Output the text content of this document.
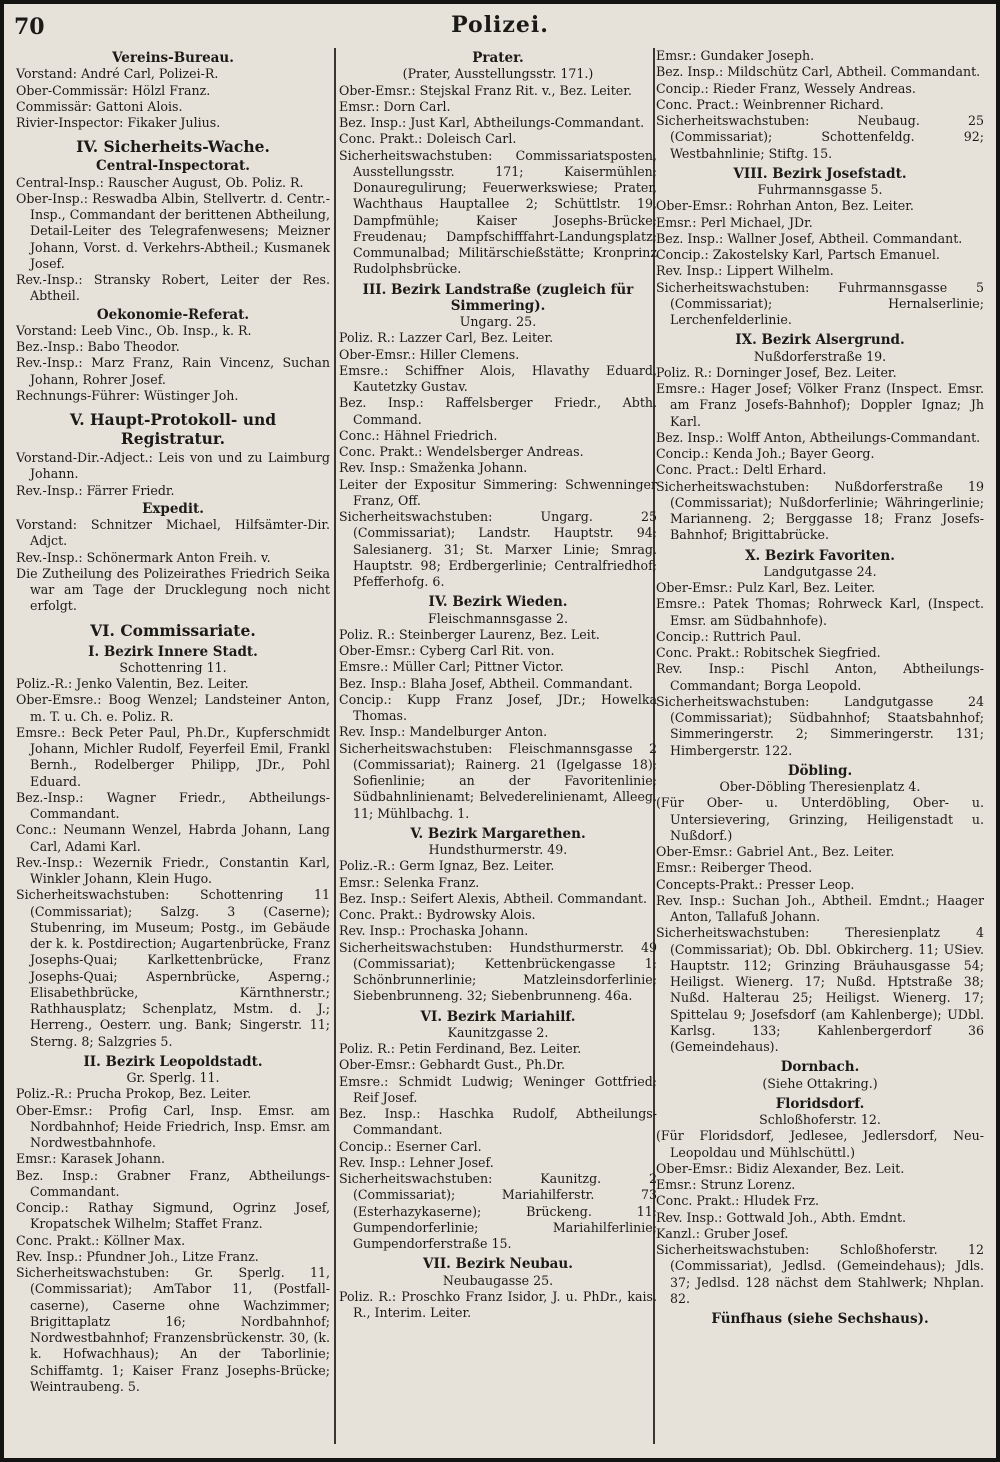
70	Polizei.
Vereins-Bureau.
Vorstand: André Carl, Polizei-R.
Ober-Commissär: Hölzl Franz.
Commissär: Gattoni Alois.
Rivier-Inspector: Fikaker Julius.
IV. Sicherheits-Wache.
Central-Inspectorat.
Central-Insp.: Rauscher August, Ob. Poliz. R.
Ober-Insp.: Reswadba Albin, Stellvertr. d. Centr.-Insp., Commandant der berittenen Abtheilung, Detail-Leiter des Telegrafenwesens; Meizner Johann, Vorst. d. Verkehrs-Abtheil.; Kusmanek Josef.
Rev.-Insp.: Stransky Robert, Leiter der Res. Abtheil.
Oekonomie-Referat.
Vorstand: Leeb Vinc., Ob. Insp., k. R.
Bez.-Insp.: Babo Theodor.
Rev.-Insp.: Marz Franz, Rain Vincenz, Suchan Johann, Rohrer Josef.
Rechnungs-Führer: Wüstinger Joh.
V. Haupt-Protokoll- und Registratur.
Vorstand-Dir.-Adject.: Leis von und zu Laimburg Johann.
Rev.-Insp.: Färrer Friedr.
Expedit.
Vorstand: Schnitzer Michael, Hilfsämter-Dir. Adjct.
Rev.-Insp.: Schönermark Anton Freih. v.
Die Zutheilung des Polizeirathes Friedrich Seika war am Tage der Drucklegung noch nicht erfolgt.
VI. Commissariate.
I. Bezirk Innere Stadt.
Schottenring 11.
Poliz.-R.: Jenko Valentin, Bez. Leiter.
Ober-Emsre.: Boog Wenzel; Landsteiner Anton, m. T. u. Ch. e. Poliz. R.
Emsre.: Beck Peter Paul, Ph.Dr., Kupferschmidt Johann, Michler Rudolf, Feyerfeil Emil, Frankl Bernh., Rodelberger Philipp, JDr., Pohl Eduard.
Bez.-Insp.: Wagner Friedr., Abtheilungs-Commandant.
Conc.: Neumann Wenzel, Habrda Johann, Lang Carl, Adami Karl.
Rev.-Insp.: Wezernik Friedr., Constantin Karl, Winkler Johann, Klein Hugo.
Sicherheitswachstuben: Schottenring 11 (Commissariat); Salzg. 3 (Caserne); Stubenring, im Museum; Postg., im Gebäude der k. k. Postdirection; Augartenbrücke, Franz Josephs-Quai; Karlkettenbrücke, Franz Josephs-Quai; Aspernbrücke, Asperng.; Elisabethbrücke, Kärnthnerstr.; Rathhausplatz; Schenplatz, Mstm. d. J.; Herreng., Oesterr. ung. Bank; Singerstr. 11; Sterng. 8; Salzgries 5.
II. Bezirk Leopoldstadt.
Gr. Sperlg. 11.
Poliz.-R.: Prucha Prokop, Bez. Leiter.
Ober-Emsr.: Profig Carl, Insp. Emsr. am Nordbahnhof; Heide Friedrich, Insp. Emsr. am Nordwestbahnhofe.
Emsr.: Karasek Johann.
Bez. Insp.: Grabner Franz, Abtheilungs-Commandant.
Concip.: Rathay Sigmund, Ogrinz Josef, Kropatschek Wilhelm; Staffet Franz.
Conc. Prakt.: Köllner Max.
Rev. Insp.: Pfundner Joh., Litze Franz.
Sicherheitswachstuben: Gr. Sperlg. 11, (Commissariat); AmTabor 11, (Postfall-caserne), Caserne ohne Wachzimmer; Brigittaplatz 16; Nordbahnhof; Nordwestbahnhof; Franzensbrückenstr. 30, (k. k. Hofwachhaus); An der Taborlinie; Schiffamtg. 1; Kaiser Franz Josephs-Brücke; Weintraubeng. 5.
Prater.
(Prater, Ausstellungsstr. 171.)
Ober-Emsr.: Stejskal Franz Rit. v., Bez. Leiter.
Emsr.: Dorn Carl.
Bez. Insp.: Just Karl, Abtheilungs-Commandant.
Conc. Prakt.: Doleisch Carl.
Sicherheitswachstuben: Commissariatsposten, Ausstellungsstr. 171; Kaisermühlen; Donauregulirung; Feuerwerkswiese; Prater, Wachthaus Hauptallee 2; Schüttlstr. 19, Dampfmühle; Kaiser Josephs-Brücke; Freudenau; Dampfschifffahrt-Landungsplatz; Communalbad; Militärschießstätte; Kronprinz Rudolphsbrücke.
III. Bezirk Landstraße (zugleich für Simmering).
Ungarg. 25.
Poliz. R.: Lazzer Carl, Bez. Leiter.
Ober-Emsr.: Hiller Clemens.
Emsre.: Schiffner Alois, Hlavathy Eduard, Kautetzky Gustav.
Bez. Insp.: Raffelsberger Friedr., Abth. Command.
Conc.: Hähnel Friedrich.
Conc. Prakt.: Wendelsberger Andreas.
Rev. Insp.: Smaženka Johann.
Leiter der Expositur Simmering: Schwenninger Franz, Off.
Sicherheitswachstuben: Ungarg. 25 (Commissariat); Landstr. Hauptstr. 94; Salesianerg. 31; St. Marxer Linie; Smrag. Hauptstr. 98; Erdbergerlinie; Centralfriedhof; Pfefferhofg. 6.
IV. Bezirk Wieden.
Fleischmannsgasse 2.
Poliz. R.: Steinberger Laurenz, Bez. Leit.
Ober-Emsr.: Cyberg Carl Rit. von.
Emsre.: Müller Carl; Pittner Victor.
Bez. Insp.: Blaha Josef, Abtheil. Commandant.
Concip.: Kupp Franz Josef, JDr.; Howelka Thomas.
Rev. Insp.: Mandelburger Anton.
Sicherheitswachstuben: Fleischmannsgasse 2 (Commissariat); Rainerg. 21 (Igelgasse 18); Sofienlinie; an der Favoritenlinie; Südbahnlinienamt; Belvederelinienamt, Alleeg. 11; Mühlbachg. 1.
V. Bezirk Margarethen.
Hundsthurmerstr. 49.
Poliz.-R.: Germ Ignaz, Bez. Leiter.
Emsr.: Selenka Franz.
Bez. Insp.: Seifert Alexis, Abtheil. Commandant.
Conc. Prakt.: Bydrowsky Alois.
Rev. Insp.: Prochaska Johann.
Sicherheitswachstuben: Hundsthurmerstr. 49 (Commissariat); Kettenbrückengasse 1; Schönbrunnerlinie; Matzleinsdorferlinie; Siebenbrunneng. 32; Siebenbrunneng. 46a.
VI. Bezirk Mariahilf.
Kaunitzgasse 2.
Poliz. R.: Petin Ferdinand, Bez. Leiter.
Ober-Emsr.: Gebhardt Gust., Ph.Dr.
Emsre.: Schmidt Ludwig; Weninger Gottfried; Reif Josef.
Bez. Insp.: Haschka Rudolf, Abtheilungs-Commandant.
Concip.: Eserner Carl.
Rev. Insp.: Lehner Josef.
Sicherheitswachstuben: Kaunitzg. 2 (Commissariat); Mariahilferstr. 73 (Esterhazykaserne); Brückeng. 11; Gumpendorferlinie; Mariahilferlinie; Gumpendorferstraße 15.
VII. Bezirk Neubau.
Neubaugasse 25.
Poliz. R.: Proschko Franz Isidor, J. u. PhDr., kais. R., Interim. Leiter.
Emsr.: Gundaker Joseph.
Bez. Insp.: Mildschütz Carl, Abtheil. Commandant.
Concip.: Rieder Franz, Wessely Andreas.
Conc. Pract.: Weinbrenner Richard.
Sicherheitswachstuben: Neubaug. 25 (Commissariat); Schottenfeldg. 92; Westbahnlinie; Stiftg. 15.
VIII. Bezirk Josefstadt.
Fuhrmannsgasse 5.
Ober-Emsr.: Rohrhan Anton, Bez. Leiter.
Emsr.: Perl Michael, JDr.
Bez. Insp.: Wallner Josef, Abtheil. Commandant.
Concip.: Zakostelsky Karl, Partsch Emanuel.
Rev. Insp.: Lippert Wilhelm.
Sicherheitswachstuben: Fuhrmannsgasse 5 (Commissariat); Hernalserlinie; Lerchenfelderlinie.
IX. Bezirk Alsergrund.
Nußdorferstraße 19.
Poliz. R.: Dorninger Josef, Bez. Leiter.
Emsre.: Hager Josef; Völker Franz (Inspect. Emsr. am Franz Josefs-Bahnhof); Doppler Ignaz; Jh Karl.
Bez. Insp.: Wolff Anton, Abtheilungs-Commandant.
Concip.: Kenda Joh.; Bayer Georg.
Conc. Pract.: Deltl Erhard.
Sicherheitswachstuben: Nußdorferstraße 19 (Commissariat); Nußdorferlinie; Währingerlinie; Marianneng. 2; Berggasse 18; Franz Josefs-Bahnhof; Brigittabrücke.
X. Bezirk Favoriten.
Landgutgasse 24.
Ober-Emsr.: Pulz Karl, Bez. Leiter.
Emsre.: Patek Thomas; Rohrweck Karl, (Inspect. Emsr. am Südbahnhofe).
Concip.: Ruttrich Paul.
Conc. Prakt.: Robitschek Siegfried.
Rev. Insp.: Pischl Anton, Abtheilungs-Commandant; Borga Leopold.
Sicherheitswachstuben: Landgutgasse 24 (Commissariat); Südbahnhof; Staatsbahnhof; Simmeringerstr. 2; Simmeringerstr. 131; Himbergerstr. 122.
Döbling.
Ober-Döbling Theresienplatz 4.
(Für Ober- u. Unterdöbling, Ober- u. Untersievering, Grinzing, Heiligenstadt u. Nußdorf.)
Ober-Emsr.: Gabriel Ant., Bez. Leiter.
Emsr.: Reiberger Theod.
Concepts-Prakt.: Presser Leop.
Rev. Insp.: Suchan Joh., Abtheil. Emdnt.; Haager Anton, Tallafuß Johann.
Sicherheitswachstuben: Theresienplatz 4 (Commissariat); Ob. Dbl. Obkircherg. 11; USiev. Hauptstr. 112; Grinzing Bräuhausgasse 54; Heiligst. Wienerg. 17; Nußd. Hptstraße 38; Nußd. Halterau 25; Heiligst. Wienerg. 17; Spittelau 9; Josefsdorf (am Kahlenberge); UDbl. Karlsg. 133; Kahlenbergerdorf 36 (Gemeindehaus).
Dornbach.
(Siehe Ottakring.)
Floridsdorf.
Schloßhoferstr. 12.
(Für Floridsdorf, Jedlesee, Jedlersdorf, Neu-Leopoldau und Mühlschüttl.)
Ober-Emsr.: Bidiz Alexander, Bez. Leit.
Emsr.: Strunz Lorenz.
Conc. Prakt.: Hludek Frz.
Rev. Insp.: Gottwald Joh., Abth. Emdnt.
Kanzl.: Gruber Josef.
Sicherheitswachstuben: Schloßhoferstr. 12 (Commissariat), Jedlsd. (Gemeindehaus); Jdls. 37; Jedlsd. 128 nächst dem Stahlwerk; Nhplan. 82.
Fünfhaus (siehe Sechshaus).
